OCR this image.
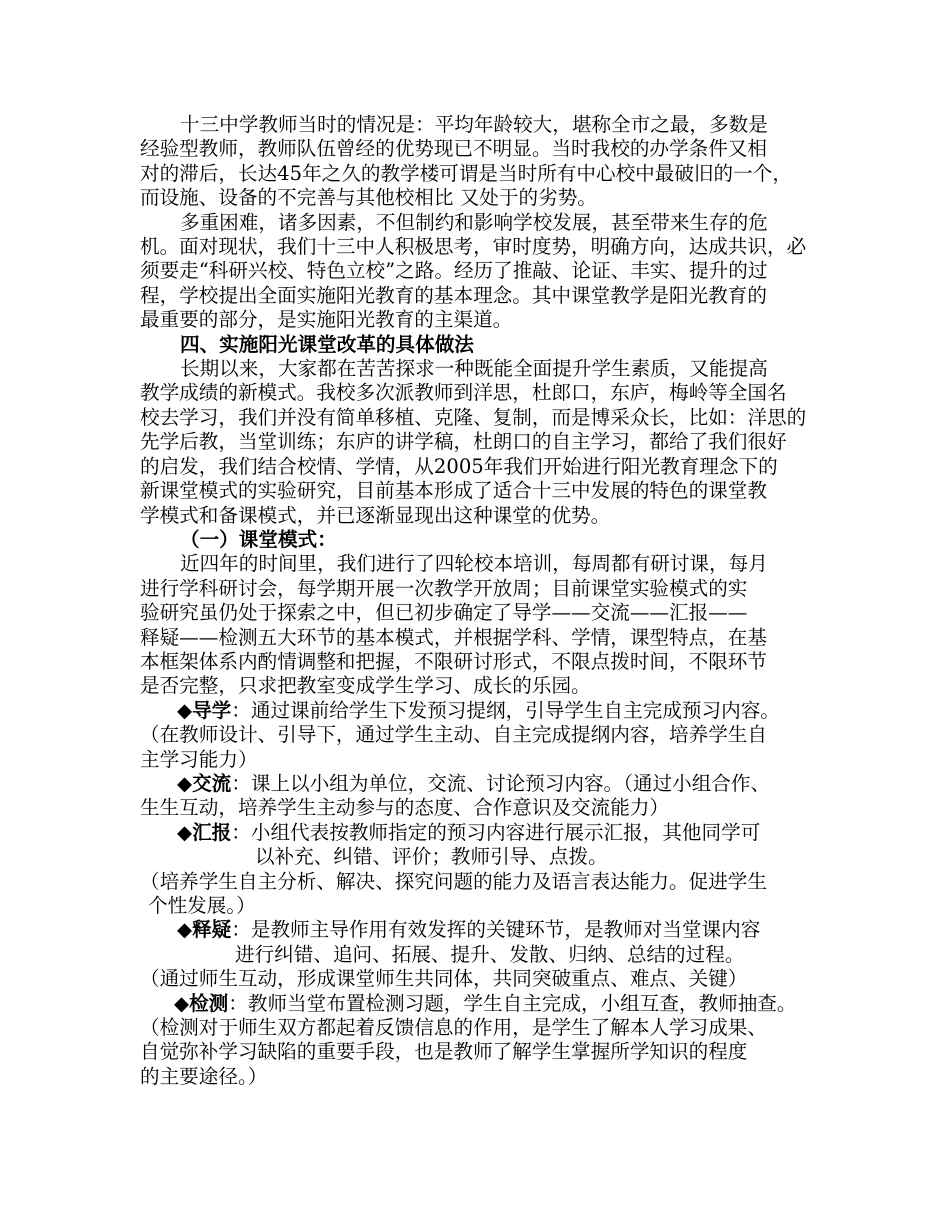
十三中学教师当时的情况是：平均年龄较大，堪称全市之最，多数是
经验型教师，教师队伍曾经的优势现已不明显。当时我校的办学条件又相
对的滞后，长达45年之久的教学楼可谓是当时所有中心校中最破旧的一个，
而设施、设备的不完善与其他校相比 又处于的劣势。
多重困难，诸多因素，不但制约和影响学校发展，甚至带来生存的危
机。面对现状，我们十三中人积极思考，审时度势，明确方向，达成共识，必
须要走“科研兴校、特色立校”之路。经历了推敲、论证、丰实、提升的过
程，学校提出全面实施阳光教育的基本理念。其中课堂教学是阳光教育的
最重要的部分，是实施阳光教育的主渠道。
四、实施阳光课堂改革的具体做法
长期以来，大家都在苦苦探求一种既能全面提升学生素质，又能提高
教学成绩的新模式。我校多次派教师到洋思，杜郎口，东庐，梅岭等全国名
校去学习，我们并没有简单移植、克隆、复制，而是博采众长，比如：洋思的
先学后教，当堂训练；东庐的讲学稿，杜朗口的自主学习，都给了我们很好
的启发，我们结合校情、学情，从2005年我们开始进行阳光教育理念下的
新课堂模式的实验研究，目前基本形成了适合十三中发展的特色的课堂教
学模式和备课模式，并已逐渐显现出这种课堂的优势。
（一）课堂模式：
近四年的时间里，我们进行了四轮校本培训，每周都有研讨课，每月
进行学科研讨会，每学期开展一次教学开放周；目前课堂实验模式的实
验研究虽仍处于探索之中，但已初步确定了导学——交流——汇报——
释疑——检测五大环节的基本模式，并根据学科、学情，课型特点，在基
本框架体系内酌情调整和把握，不限研讨形式，不限点拨时间，不限环节
是否完整，只求把教室变成学生学习、成长的乐园。
◆导学：通过课前给学生下发预习提纲，引导学生自主完成预习内容。
（在教师设计、引导下，通过学生主动、自主完成提纲内容，培养学生自
主学习能力）
◆交流：课上以小组为单位，交流、讨论预习内容。（通过小组合作、
生生互动，培养学生主动参与的态度、合作意识及交流能力）
◆汇报：小组代表按教师指定的预习内容进行展示汇报，其他同学可
以补充、纠错、评价；教师引导、点拨。
（培养学生自主分析、解决、探究问题的能力及语言表达能力。促进学生
个性发展。）
◆释疑：是教师主导作用有效发挥的关键环节，是教师对当堂课内容
进行纠错、追问、拓展、提升、发散、归纳、总结的过程。
（通过师生互动，形成课堂师生共同体，共同突破重点、难点、关键）
◆检测：教师当堂布置检测习题，学生自主完成，小组互查，教师抽查。
（检测对于师生双方都起着反馈信息的作用，是学生了解本人学习成果、
自觉弥补学习缺陷的重要手段，也是教师了解学生掌握所学知识的程度
的主要途径。）
